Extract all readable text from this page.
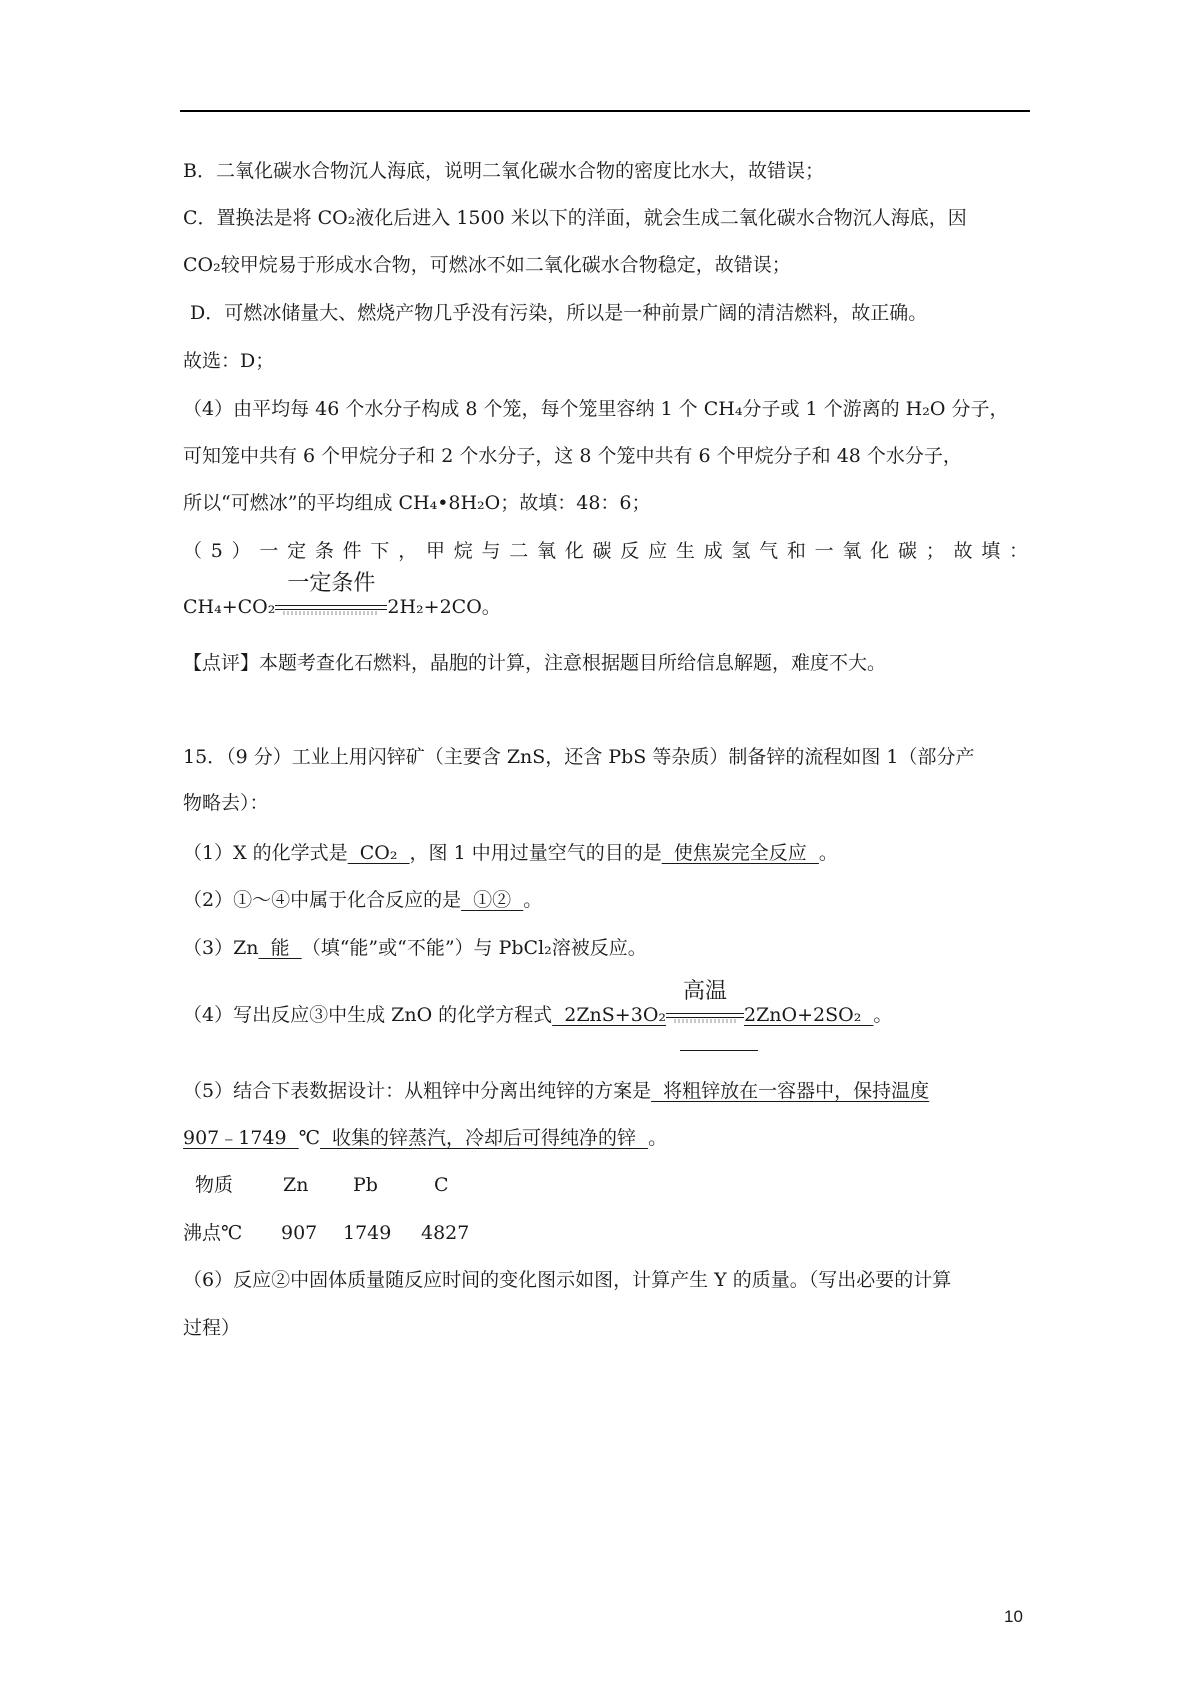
B．二氧化碳水合物沉人海底，说明二氧化碳水合物的密度比水大，故错误；
C．置换法是将 CO₂液化后进入 1500 米以下的洋面，就会生成二氧化碳水合物沉人海底，因
CO₂较甲烷易于形成水合物，可燃冰不如二氧化碳水合物稳定，故错误；
D．可燃冰储量大、燃烧产物几乎没有污染，所以是一种前景广阔的清洁燃料，故正确。
故选：D；
（4）由平均每 46 个水分子构成 8 个笼，每个笼里容纳 1 个 CH₄分子或 1 个游离的 H₂O 分子，
可知笼中共有 6 个甲烷分子和 2 个水分子，这 8 个笼中共有 6 个甲烷分子和 48 个水分子，
所以“可燃冰”的平均组成 CH₄•8H₂O；故填：48：6；
（5）一定条件下，甲烷与二氧化碳反应生成氢气和一氧化碳；故填：
CH₄+CO₂
一定条件
2H₂+2CO。
【点评】本题考查化石燃料，晶胞的计算，注意根据题目所给信息解题，难度不大。
15．（9 分）工业上用闪锌矿（主要含 ZnS，还含 PbS 等杂质）制备锌的流程如图 1（部分产
物略去）：
（1）X 的化学式是  CO₂  ，图 1 中用过量空气的目的是  使焦炭完全反应  。
（2）①～④中属于化合反应的是  ①②  。
（3）Zn  能  （填“能”或“不能”）与 PbCl₂溶被反应。
（4）写出反应③中生成 ZnO 的化学方程式  2ZnS+3O₂
高温
2ZnO+2SO₂  。
（5）结合下表数据设计：从粗锌中分离出纯锌的方案是  将粗锌放在一容器中，保持温度
907﹣1749  ℃  收集的锌蒸汽，冷却后可得纯净的锌  。
物质	Zn Pb	C
沸点℃ 907 1749 4827
（6）反应②中固体质量随反应时间的变化图示如图，计算产生 Y 的质量。（写出必要的计算
过程）
10
